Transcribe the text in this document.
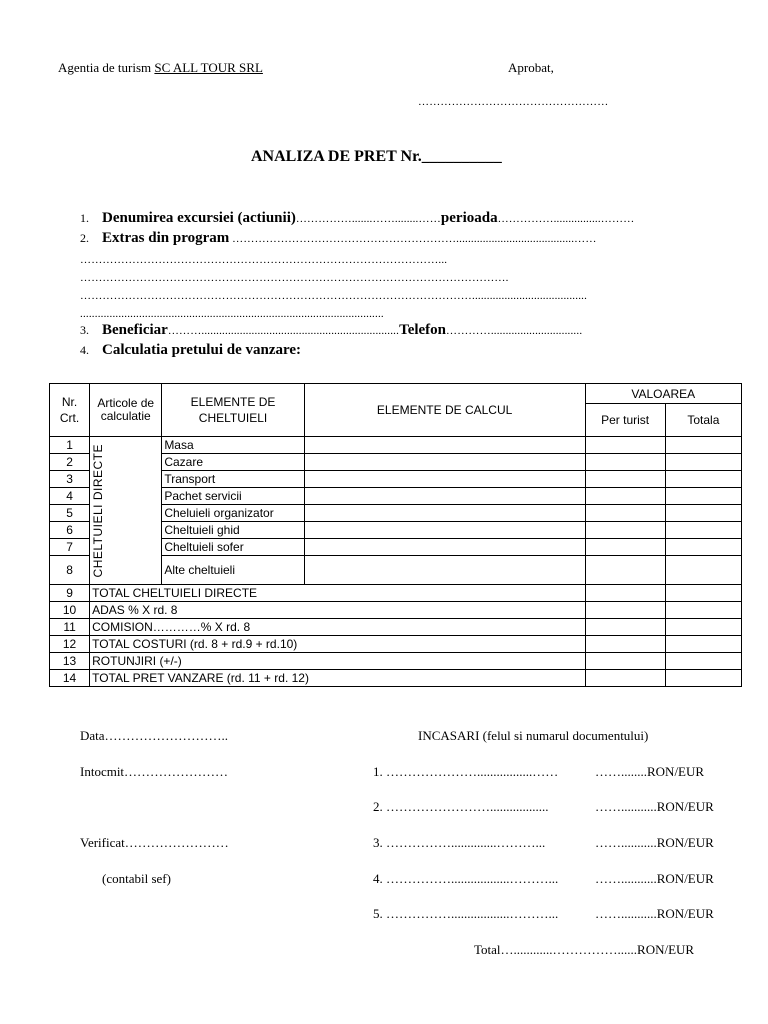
Agentia de turism SC ALL TOUR SRL	Aprobat,
……………………………………………
ANALIZA DE PRET Nr.__________
1. Denumirea excursiei (actiunii)…………….......……........……perioada……………................………
2. Extras din program ……………………………………………………........................................……
……………………………………………………………………………………...
…………………………………………………………………………………………………….
…………………………………………………………………………………………….......................................
.......................................................................................................
3. Beneficiar………...................................................................Telefon…………...............................
4. Calculatia pretului de vanzare:
Nr. Crt.	Articole de calculatie	ELEMENTE DE CHELTUIELI	ELEMENTE DE CALCUL	VALOAREA	
				Per turist	Totala
1	CHELTUIELI DIRECTE	Masa			
2		Cazare			
3		Transport			
4		Pachet servicii			
5		Cheluieli organizator			
6		Cheltuieli ghid			
7		Cheltuieli sofer			
8		Alte cheltuieli			
9	TOTAL CHELTUIELI DIRECTE				
10	ADAS % X rd. 8				
11	COMISION…………% X rd. 8				
12	TOTAL COSTURI (rd. 8 + rd.9 + rd.10)				
13	ROTUNJIRI (+/-)				
14	TOTAL PRET VANZARE (rd. 11 + rd. 12)				
Data………………………..
Intocmit……………………
Verificat……………………
(contabil sef)
INCASARI (felul si numarul documentului)
1. ………………….................……	……........RON/EUR
2. ……………………..................	……...........RON/EUR
3. ……………..............………...	……...........RON/EUR
4. ……………..................………...	……...........RON/EUR
5. ……………..................………...	……...........RON/EUR
Total…............……………......RON/EUR
